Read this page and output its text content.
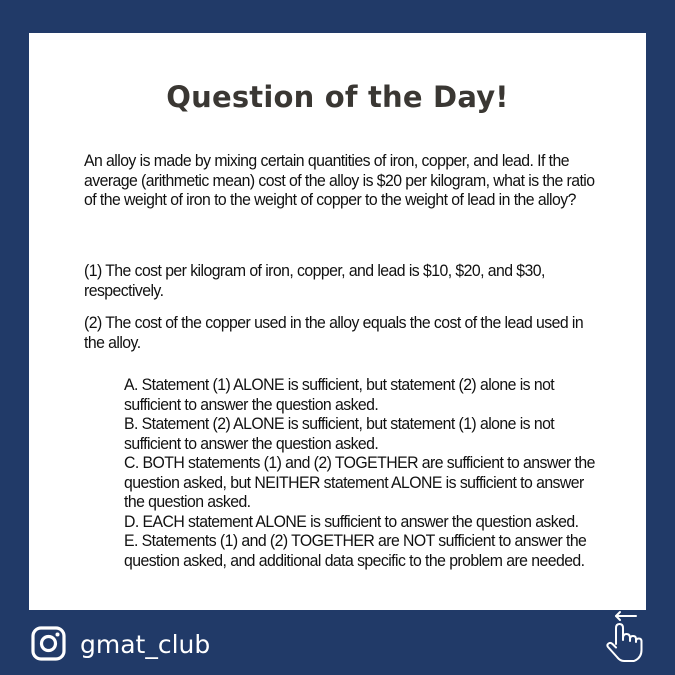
Question of the Day!
An alloy is made by mixing certain quantities of iron, copper, and lead. If the average (arithmetic mean) cost of the alloy is $20 per kilogram, what is the ratio of the weight of iron to the weight of copper to the weight of lead in the alloy?
(1) The cost per kilogram of iron, copper, and lead is $10, $20, and $30, respectively.
(2) The cost of the copper used in the alloy equals the cost of the lead used in the alloy.
A. Statement (1) ALONE is sufficient, but statement (2) alone is not sufficient to answer the question asked.
B. Statement (2) ALONE is sufficient, but statement (1) alone is not sufficient to answer the question asked.
C. BOTH statements (1) and (2) TOGETHER are sufficient to answer the question asked, but NEITHER statement ALONE is sufficient to answer the question asked.
D. EACH statement ALONE is sufficient to answer the question asked.
E. Statements (1) and (2) TOGETHER are NOT sufficient to answer the question asked, and additional data specific to the problem are needed.
gmat_club
